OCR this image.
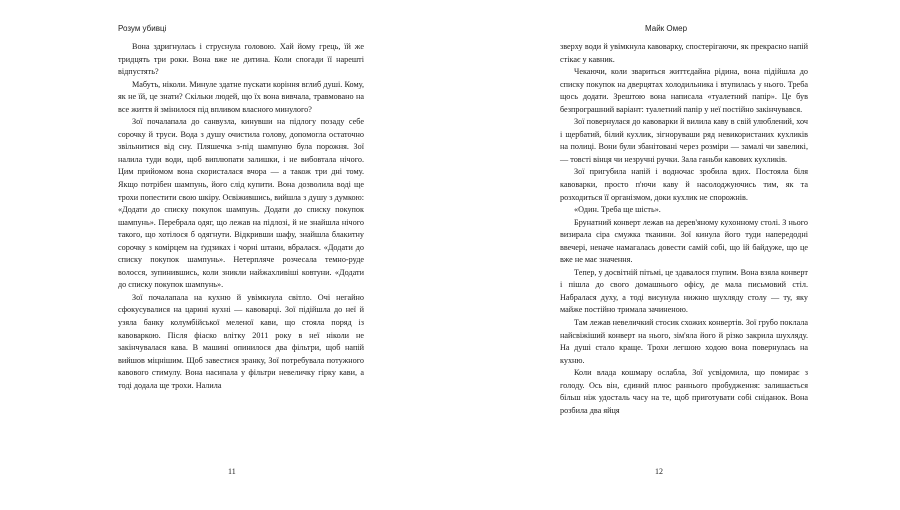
Розум убивці

Вона здригнулась і струснула головою. Хай йому грець, їй же тридцять три роки. Вона вже не дитина. Коли спогади її нарешті відпустять?

Мабуть, ніколи. Минуле здатне пускати коріння вглиб душі. Кому, як не їй, це знати? Скільки людей, що їх вона вивчала, травмовано на все життя й змінилося під впливом власного минулого?

Зої почалапала до санвузла, кинувши на підлогу позаду себе сорочку й труси. Вода з душу очистила голову, допомогла остаточно звільнитися від сну. Пляшечка з-під шампуню була порожня. Зої налила туди води, щоб виплюпати залишки, і не вибовтала нічого. Цим прийомом вона скористалася вчора — а також три дні тому. Якщо потрібен шампунь, його слід купити. Вона дозволила воді ще трохи попестити свою шкіру. Освіжившись, вийшла з душу з думкою: «Додати до списку покупок шампунь. Додати до списку покупок шампунь». Перебрала одяг, що лежав на підлозі, й не знайшла нічого такого, що хотілося б одягнути. Відкривши шафу, знайшла блакитну сорочку з комірцем на ґудзиках і чорні штани, вбралася. «Додати до списку покупок шампунь». Нетерпляче розчесала темно-руде волосся, зупинившись, коли зникли найжахливіші ковтуни. «Додати до списку покупок шампунь».

Зої почалапала на кухню й увімкнула світло. Очі негайно сфокусувалися на царині кухні — кавоварці. Зої підійшла до неї й узяла банку колумбійської меленої кави, що стояла поряд із кавоваркою. Після фіаско влітку 2011 року в неї ніколи не закінчувалася кава. В машині опинилося два фільтри, щоб напій вийшов міцнішим. Щоб завестися зранку, Зої потребувала потужного кавового стимулу. Вона насипала у фільтри невеличку гірку кави, а тоді додала ще трохи. Налила

11
Майк Омер

зверху води й увімкнула кавоварку, спостерігаючи, як прекрасно напій стікає у кавник.

Чекаючи, коли звариться життєдайна рідина, вона підійшла до списку покупок на дверцятах холодильника і втупилась у нього. Треба щось додати. Зрештою вона написала «туалетний папір». Це був безпрограшний варіант: туалетний папір у неї постійно закінчувався.

Зої повернулася до кавоварки й вилила каву в свій улюблений, хоч і щербатий, білий кухлик, зігноруваши ряд невикористаних кухликів на полиці. Вони були збанітовані через розміри — замалі чи завеликі, — товсті вінця чи незручні ручки. Зала ганьби кавових кухликів.

Зої пригубила напій і водночас зробила вдих. Постояла біля кавоварки, просто п'ючи каву й насолоджуючись тим, як та розходиться її організмом, доки кухлик не спорожнів.

«Один. Треба ще шість».

Брунатний конверт лежав на дерев'яному кухонному столі. З нього визирала сіра смужка тканини. Зої кинула його туди напередодні ввечері, неначе намагалась довести самій собі, що їй байдуже, що це вже не має значення.

Тепер, у досвітній пітьмі, це здавалося глупим. Вона взяла конверт і пішла до свого домашнього офісу, де мала письмовий стіл. Набралася духу, а тоді висунула нижню шухляду столу — ту, яку майже постійно тримала зачиненою.

Там лежав невеличкий стосик схожих конвертів. Зої грубо поклала найсвіжіший конверт на нього, зім'яла його й різко закрила шухляду. На душі стало краще. Трохи легшою ходою вона повернулась на кухню.

Коли влада кошмару ослабла, Зої усвідомила, що помирає з голоду. Ось він, єдиний плюс раннього пробудження: залишається більш ніж удосталь часу на те, щоб приготувати собі сніданок. Вона розбила два яйця

12
